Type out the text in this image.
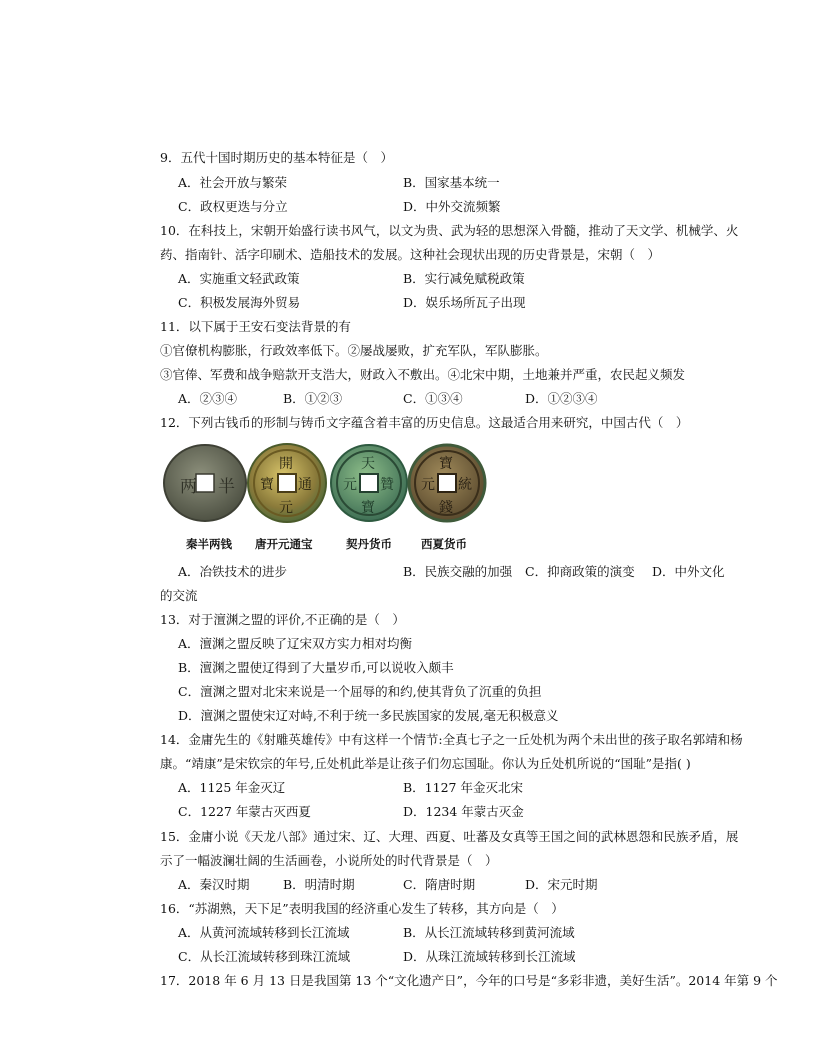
9．五代十国时期历史的基本特征是（　）
A．社会开放与繁荣	B．国家基本统一
C．政权更迭与分立	D．中外交流频繁
10．在科技上，宋朝开始盛行读书风气，以文为贵、武为轻的思想深入骨髓，推动了天文学、机械学、火
药、指南针、活字印刷术、造船技术的发展。这种社会现状出现的历史背景是，宋朝（　）
A．实施重文轻武政策	B．实行减免赋税政策
C．积极发展海外贸易	D．娱乐场所瓦子出现
11．以下属于王安石变法背景的有
①官僚机构膨胀，行政效率低下。②屡战屡败，扩充军队，军队膨胀。
③官俸、军费和战争赔款开支浩大，财政入不敷出。④北宋中期，土地兼并严重，农民起义频发
A．②③④	B．①②③	C．①③④	D．①②③④
12．下列古钱币的形制与铸币文字蕴含着丰富的历史信息。这最适合用来研究，中国古代（　）
两 半
開
元
通
寶
天
元
寶
贊
寶
錢
元 統
秦半两钱 唐开元通宝	契丹货币	西夏货币
A．冶铁技术的进步	B．民族交融的加强 C．抑商政策的演变 D．中外文化
的交流
13．对于澶渊之盟的评价,不正确的是（　）
A．澶渊之盟反映了辽宋双方实力相对均衡
B．澶渊之盟使辽得到了大量岁币,可以说收入颇丰
C．澶渊之盟对北宋来说是一个屈辱的和约,使其背负了沉重的负担
D．澶渊之盟使宋辽对峙,不利于统一多民族国家的发展,毫无积极意义
14．金庸先生的《射雕英雄传》中有这样一个情节:全真七子之一丘处机为两个未出世的孩子取名郭靖和杨
康。“靖康”是宋钦宗的年号,丘处机此举是让孩子们勿忘国耻。你认为丘处机所说的“国耻”是指( )
A．1125 年金灭辽	B．1127 年金灭北宋
C．1227 年蒙古灭西夏	D．1234 年蒙古灭金
15．金庸小说《天龙八部》通过宋、辽、大理、西夏、吐蕃及女真等王国之间的武林恩怨和民族矛盾，展
示了一幅波澜壮阔的生活画卷，小说所处的时代背景是（　）
A．秦汉时期	B．明清时期	C．隋唐时期	D．宋元时期
16．“苏湖熟，天下足”表明我国的经济重心发生了转移，其方向是（　）
A．从黄河流域转移到长江流域	B．从长江流域转移到黄河流域
C．从长江流域转移到珠江流域	D．从珠江流域转移到长江流域
17．2018 年 6 月 13 日是我国第 13 个“文化遗产日”，今年的口号是“多彩非遗，美好生活”。2014 年第 9 个
